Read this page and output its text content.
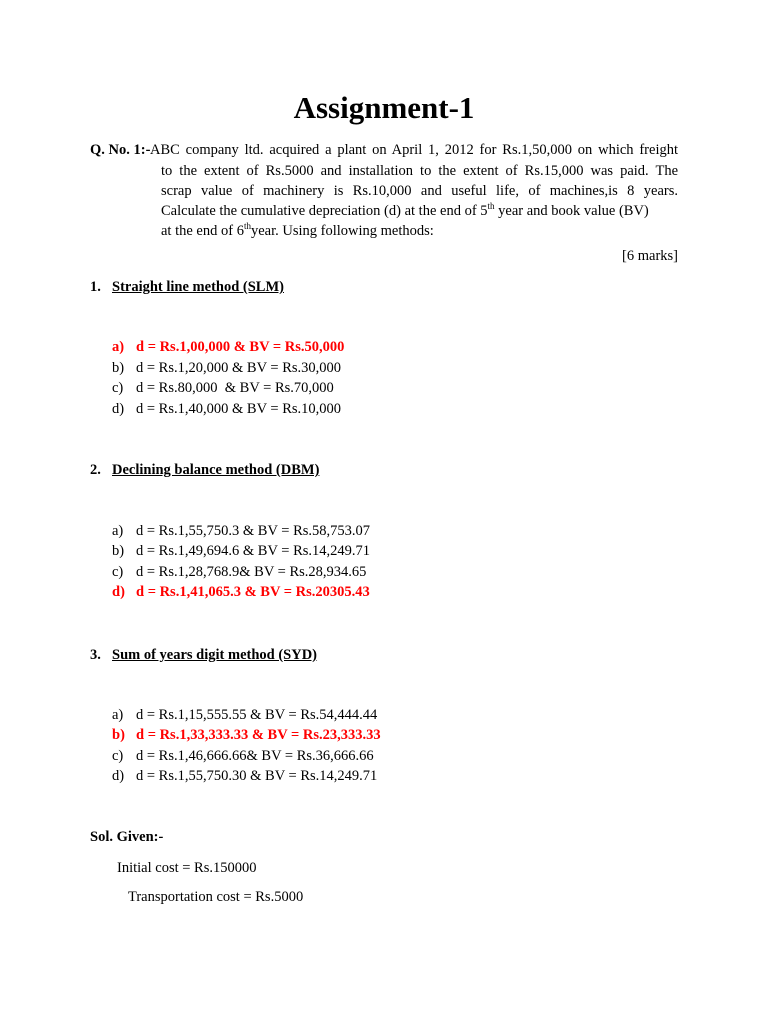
Assignment-1
Q. No. 1:- ABC company ltd. acquired a plant on April 1, 2012 for Rs.1,50,000 on which freight
to the extent of Rs.5000 and installation to the extent of Rs.15,000 was paid. The
scrap value of machinery is Rs.10,000 and useful life, of machines,is 8 years.
Calculate the cumulative depreciation (d) at the end of 5th year and book value (BV)
at the end of 6thyear. Using following methods:
[6 marks]
1. Straight line method (SLM)
a) d = Rs.1,00,000 & BV = Rs.50,000
b) d = Rs.1,20,000 & BV = Rs.30,000
c) d = Rs.80,000  & BV = Rs.70,000
d) d = Rs.1,40,000 & BV = Rs.10,000
2. Declining balance method (DBM)
a) d = Rs.1,55,750.3 & BV = Rs.58,753.07
b) d = Rs.1,49,694.6 & BV = Rs.14,249.71
c) d = Rs.1,28,768.9& BV = Rs.28,934.65
d) d = Rs.1,41,065.3 & BV = Rs.20305.43
3. Sum of years digit method (SYD)
a) d = Rs.1,15,555.55 & BV = Rs.54,444.44
b) d = Rs.1,33,333.33 & BV = Rs.23,333.33
c) d = Rs.1,46,666.66& BV = Rs.36,666.66
d) d = Rs.1,55,750.30 & BV = Rs.14,249.71
Sol. Given:-
Initial cost = Rs.150000
Transportation cost = Rs.5000
